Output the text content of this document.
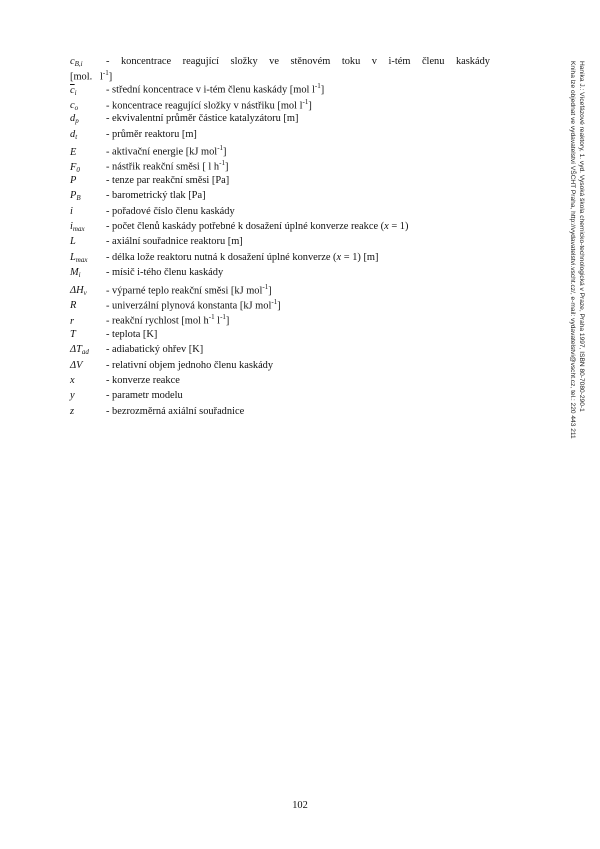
$c_{B,i}$	- koncentrace reagující složky ve stěnovém toku v i-tém členu kaskády
[mol.   $l^{-1}$]
$\overline{c}_i$	- střední koncentrace v i-tém členu kaskády [mol $l^{-1}$]
$c_o$	- koncentrace reagující složky v nástřiku [mol $l^{-1}$]
$d_p$	- ekvivalentní průměr částice katalyzátoru [m]
$d_t$	- průměr reaktoru [m]
E	- aktivační energie [kJ mol$^{-1}$]
$F_0$	- nástřik reakční směsi [ l $h^{-1}$]
P	- tenze par reakční směsi [Pa]
$P_B$	- barometrický tlak [Pa]
i	- pořadové číslo členu kaskády
$i_{max}$	- počet členů kaskády potřebné k dosažení úplné konverze reakce (x = 1)
L	- axiální souřadnice reaktoru [m]
$L_{max}$	- délka lože reaktoru nutná k dosažení úplné konverze (x = 1) [m]
$M_i$	- mísič i-tého členu kaskády
$\Delta H_v$	- výparné teplo reakční směsi [kJ mol$^{-1}$]
R	- univerzální plynová konstanta [kJ mol$^{-1}$]
r	- reakční rychlost [mol $h^{-1}$ $l^{-1}$]
T	- teplota [K]
$\Delta T_{ad}$	- adiabatický ohřev [K]
ΔV	- relativní objem jednoho členu kaskády
x	- konverze reakce
y	- parametr modelu
z	- bezrozměrná axiální souřadnice	Hanika J.: Vícefázové reaktory, 1. vyd. Vysoká škola chemicko-technologická v Praze, Praha 1997, ISBN 80-7080-290-1
Kniha lze objednat ve vydavatelství VŠCHT Praha, http://vydavatelstvi.vscht.cz/, e-mail: vydavatelstvi@vscht.cz, tel.: 220 443 211
102
